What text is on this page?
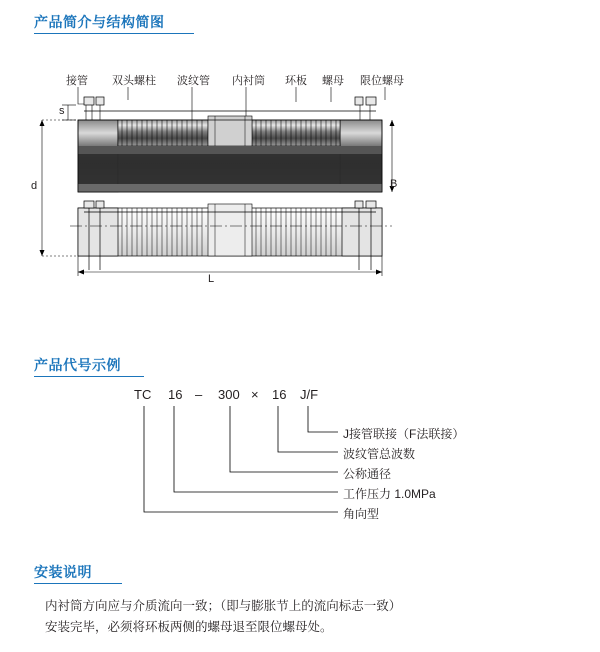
产品简介与结构简图
产品代号示例
安装说明
接管 双头螺柱 波纹管 内衬筒 环板 螺母 限位螺母
s
d	B
L
TC 16 – 300 × 16 J/F
J接管联接（F法联接）
波纹管总波数
公称通径
工作压力 1.0MPa
角向型
内衬筒方向应与介质流向一致；（即与膨胀节上的流向标志一致）
安装完毕，必须将环板两侧的螺母退至限位螺母处。
